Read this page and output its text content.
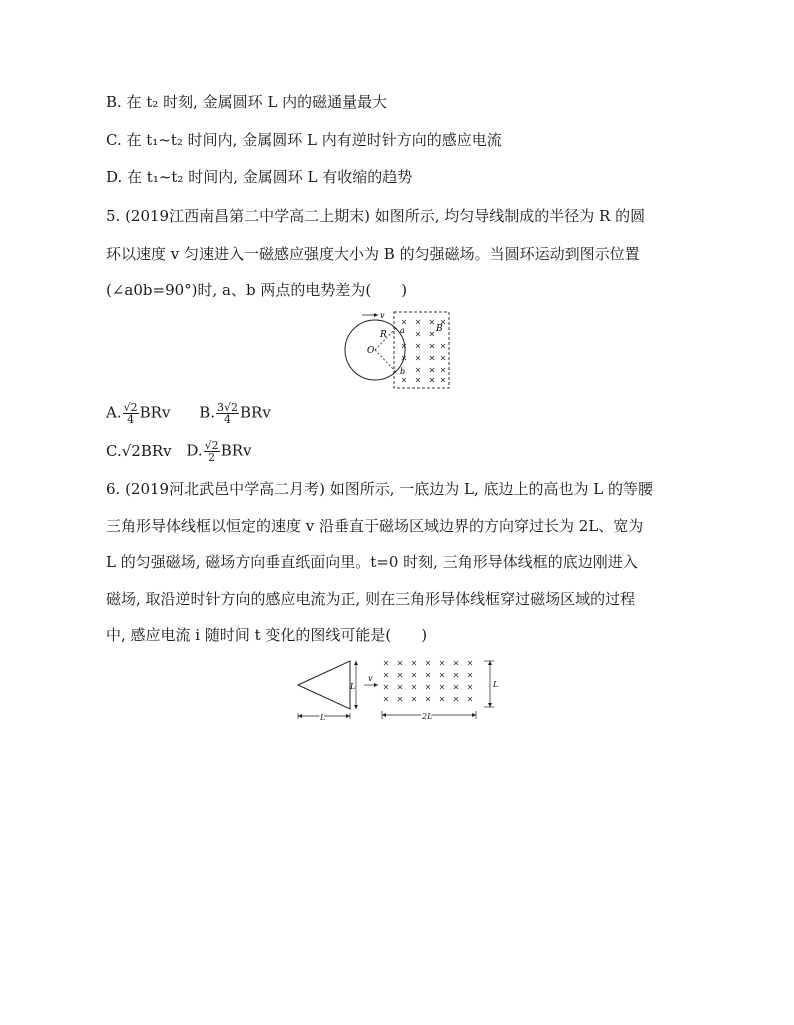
B. 在 t₂ 时刻, 金属圆环 L 内的磁通量最大
C. 在 t₁~t₂ 时间内, 金属圆环 L 内有逆时针方向的感应电流
D. 在 t₁~t₂ 时间内, 金属圆环 L 有收缩的趋势
5. (2019江西南昌第二中学高二上期末) 如图所示, 均匀导线制成的半径为 R 的圆
环以速度 v 匀速进入一磁感应强度大小为 B 的匀强磁场。当圆环运动到图示位置
(∠a0b=90°)时, a、b 两点的电势差为(　　)
v
R
O
a
b
B
A. $\frac{√2}{4}$ BRv B. $\frac{3√2}{4}$ BRv
C.√2BRv D. $\frac{√2}{2}$ BRv
6. (2019河北武邑中学高二月考) 如图所示, 一底边为 L, 底边上的高也为 L 的等腰
三角形导体线框以恒定的速度 v 沿垂直于磁场区域边界的方向穿过长为 2L、宽为
L 的匀强磁场, 磁场方向垂直纸面向里。t=0 时刻, 三角形导体线框的底边刚进入
磁场, 取沿逆时针方向的感应电流为正, 则在三角形导体线框穿过磁场区域的过程
中, 感应电流 i 随时间 t 变化的图线可能是(　　)
L
v
L
L
2L
